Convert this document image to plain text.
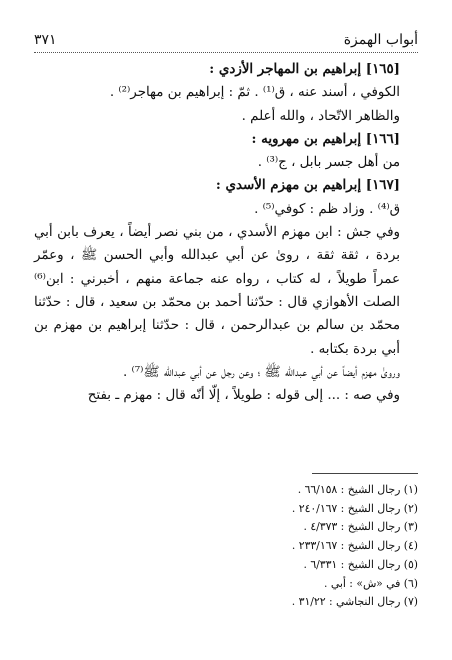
أبواب الهمزة
٣٧١

[١٦٥] إبراهيم بن المهاجر الأزدي :

الكوفي ، أسند عنه ، ق⁽¹⁾ . ثمّ : إبراهيم بن مهاجر⁽²⁾ .

والظاهر الاتّحاد ، والله أعلم .

[١٦٦] إبراهيم بن مهرويه :

من أهل جسر بابل ، ج⁽³⁾ .

[١٦٧] إبراهيم بن مهزم الأسدي :

ق⁽⁴⁾ . وزاد ظم : كوفي⁽⁵⁾ .

وفي جش : ابن مهزم الأسدي ، من بني نصر أيضاً ، يعرف بابن أبي بردة ، ثقة ثقة ، روىٰ عن أبي عبدالله وأبي الحسن ﷺ ، وعمّر عمراً طويلاً ، له كتاب ، رواه عنه جماعة منهم ، أخبرني : ابن⁽⁶⁾ الصلت الأهوازي قال : حدّثنا أحمد بن محمّد بن سعيد ، قال : حدّثنا محمّد بن سالم بن عبدالرحمن ، قال : حدّثنا إبراهيم بن مهزم بن أبي بردة بكتابه .

وروىٰ مهزم أيضاً عن أبي عبدالله ﷺ ؛ وعن رجل عن أبي عبدالله ﷺ⁽⁷⁾ .

وفي صه : ... إلى قوله : طويلاً ، إلّا أنّه قال : مهزم ـ بفتح

(١) رجال الشيخ : ٦٦/١٥٨ .
(٢) رجال الشيخ : ٢٤٠/١٦٧ .
(٣) رجال الشيخ : ٤/٣٧٣ .
(٤) رجال الشيخ : ٢٣٣/١٦٧ .
(٥) رجال الشيخ : ٦/٣٣١ .
(٦) في «ش» : أبي .
(٧) رجال النجاشي : ٣١/٢٢ .
